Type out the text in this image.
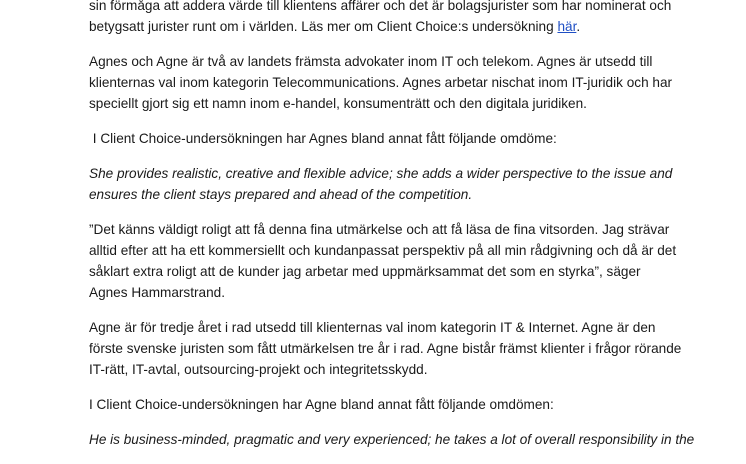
sin förmåga att addera värde till klientens affärer och det är bolagsjurister som har nominerat och
betygsatt jurister runt om i världen. Läs mer om Client Choice:s undersökning här.

Agnes och Agne är två av landets främsta advokater inom IT och telekom. Agnes är utsedd till
klienternas val inom kategorin Telecommunications. Agnes arbetar nischat inom IT-juridik och har
speciellt gjort sig ett namn inom e-handel, konsumenträtt och den digitala juridiken.

I Client Choice-undersökningen har Agnes bland annat fått följande omdöme:

She provides realistic, creative and flexible advice; she adds a wider perspective to the issue and
ensures the client stays prepared and ahead of the competition.

”Det känns väldigt roligt att få denna fina utmärkelse och att få läsa de fina vitsorden. Jag strävar
alltid efter att ha ett kommersiellt och kundanpassat perspektiv på all min rådgivning och då är det
såklart extra roligt att de kunder jag arbetar med uppmärksammat det som en styrka”, säger
Agnes Hammarstrand.

Agne är för tredje året i rad utsedd till klienternas val inom kategorin IT & Internet. Agne är den
förste svenske juristen som fått utmärkelsen tre år i rad. Agne bistår främst klienter i frågor rörande
IT-rätt, IT-avtal, outsourcing-projekt och integritetsskydd.

I Client Choice-undersökningen har Agne bland annat fått följande omdömen:

He is business-minded, pragmatic and very experienced; he takes a lot of overall responsibility in the
